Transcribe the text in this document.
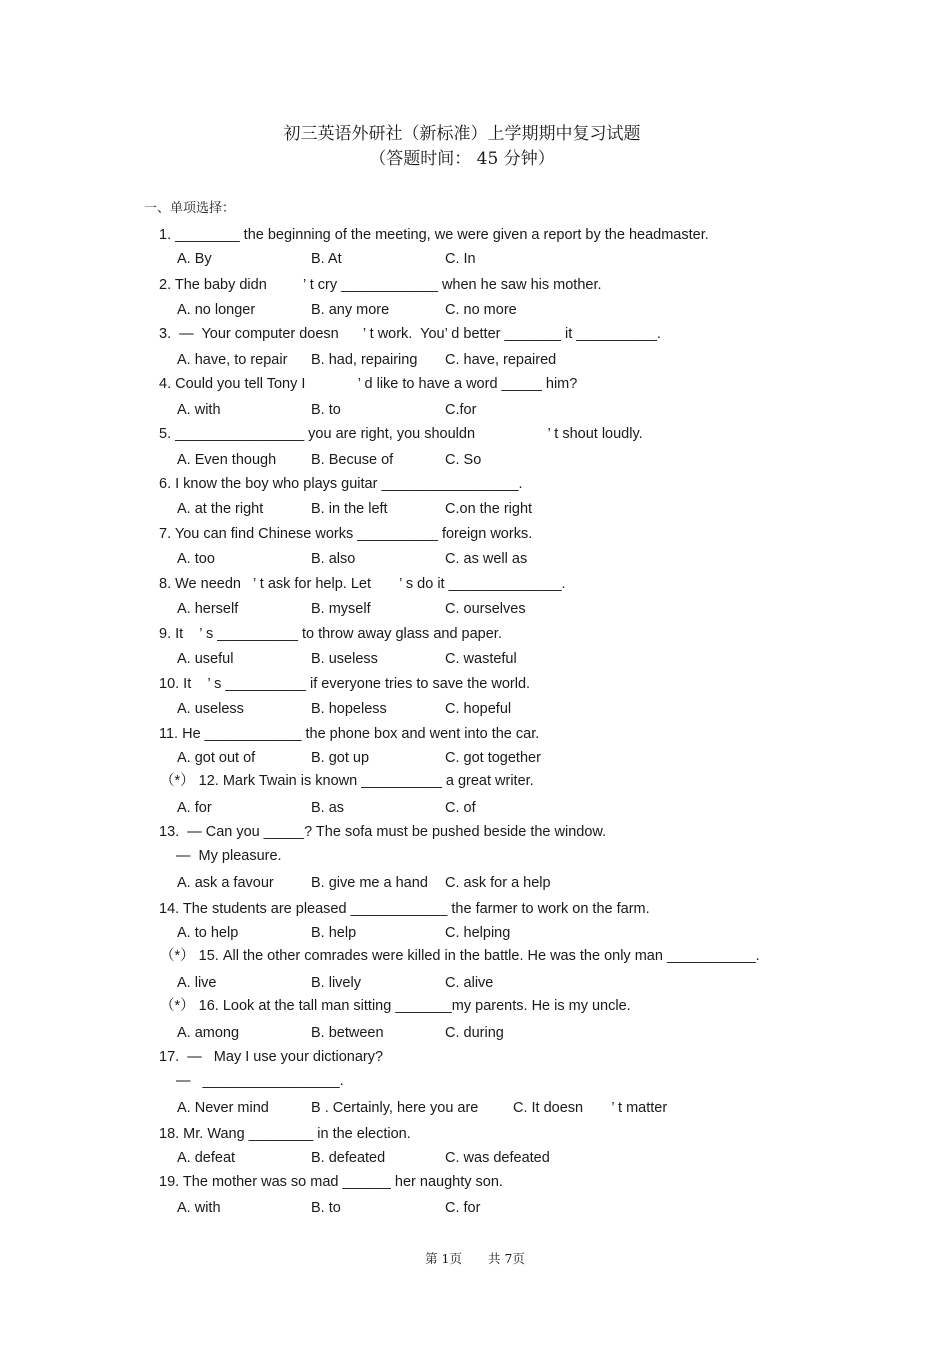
初三英语外研社（新标准）上学期期中复习试题
（答题时间： 45 分钟）
一、单项选择：
1. ________ the beginning of the meeting, we were given a report by the headmaster.
A. By	B. At	C. In
2. The baby didn         ’ t cry ____________ when he saw his mother.
A. no longer	B. any more	C. no more
3.  —  Your computer doesn      ’ t work.  You’ d better _______ it __________.
A. have, to repair B. had, repairing C. have, repaired
4. Could you tell Tony I             ’ d like to have a word _____ him?
A. with	B. to	C.for
5. ________________ you are right, you shouldn                  ’ t shout loudly.
A. Even though B. Becuse of	C. So
6. I know the boy who plays guitar _________________.
A. at the right	B. in the left	C.on the right
7. You can find Chinese works __________ foreign works.
A. too	B. also	C. as well as
8. We needn   ’ t ask for help. Let       ’ s do it ______________.
A. herself	B. myself	C. ourselves
9. It    ’ s __________ to throw away glass and paper.
A. useful	B. useless	C. wasteful
10. It    ’ s __________ if everyone tries to save the world.
A. useless	B. hopeless	C. hopeful
11. He ____________ the phone box and went into the car.
A. got out of	B. got up	C. got together
（*） 12. Mark Twain is known __________ a great writer.
A. for	B. as	C. of
13.  — Can you _____? The sofa must be pushed beside the window.
—  My pleasure.
A. ask a favour	B. give me a hand C. ask for a help
14. The students are pleased ____________ the farmer to work on the farm.
A. to help	B. help	C. helping
（*） 15. All the other comrades were killed in the battle. He was the only man ___________.
A. live	B. lively	C. alive
（*） 16. Look at the tall man sitting _______my parents. He is my uncle.
A. among	B. between	C. during
17.  —   May I use your dictionary?
—   _________________.
A. Never mind	B . Certainly, here you are C. It doesn       ’ t matter
18. Mr. Wang ________ in the election.
A. defeat	B. defeated	C. was defeated
19. The mother was so mad ______ her naughty son.
A. with	B. to	C. for
第 1页 共 7页
